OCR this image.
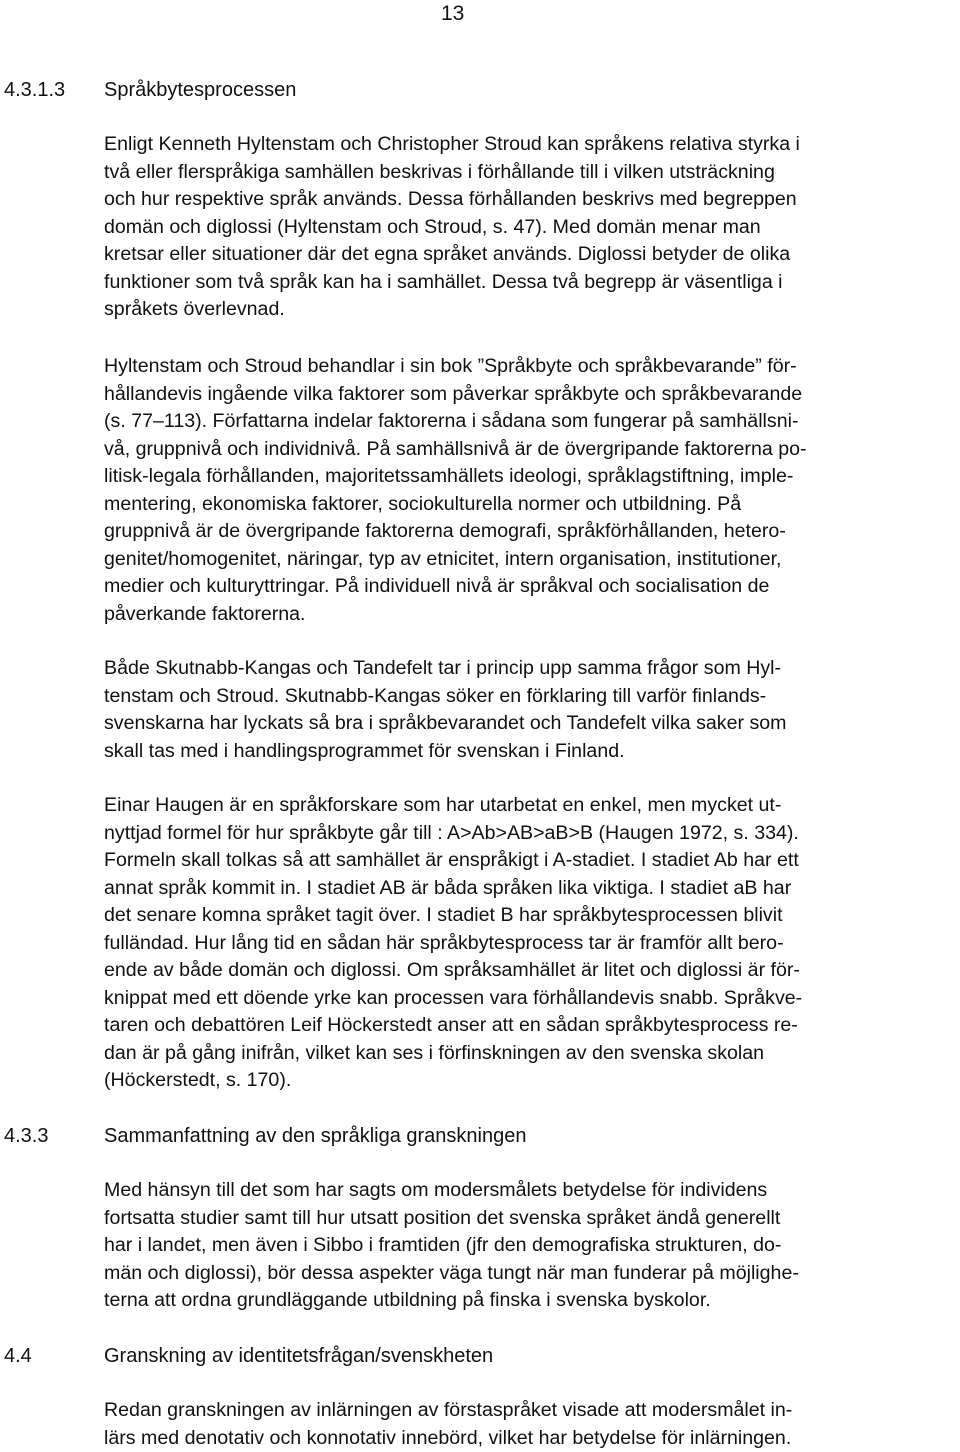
13
4.3.1.3 Språkbytesprocessen
Enligt Kenneth Hyltenstam och Christopher Stroud kan språkens relativa styrka i
två eller flerspråkiga samhällen beskrivas i förhållande till i vilken utsträckning
och hur respektive språk används. Dessa förhållanden beskrivs med begreppen
domän och diglossi (Hyltenstam och Stroud, s. 47). Med domän menar man
kretsar eller situationer där det egna språket används. Diglossi betyder de olika
funktioner som två språk kan ha i samhället. Dessa två begrepp är väsentliga i
språkets överlevnad.
Hyltenstam och Stroud behandlar i sin bok ”Språkbyte och språkbevarande” för-
hållandevis ingående vilka faktorer som påverkar språkbyte och språkbevarande
(s. 77–113). Författarna indelar faktorerna i sådana som fungerar på samhällsni-
vå, gruppnivå och individnivå. På samhällsnivå är de övergripande faktorerna po-
litisk-legala förhållanden, majoritetssamhällets ideologi, språklagstiftning, imple-
mentering, ekonomiska faktorer, sociokulturella normer och utbildning. På
gruppnivå är de övergripande faktorerna demografi, språkförhållanden, hetero-
genitet/homogenitet, näringar, typ av etnicitet, intern organisation, institutioner,
medier och kulturyttringar. På individuell nivå är språkval och socialisation de
påverkande faktorerna.
Både Skutnabb-Kangas och Tandefelt tar i princip upp samma frågor som Hyl-
tenstam och Stroud. Skutnabb-Kangas söker en förklaring till varför finlands-
svenskarna har lyckats så bra i språkbevarandet och Tandefelt vilka saker som
skall tas med i handlingsprogrammet för svenskan i Finland.
Einar Haugen är en språkforskare som har utarbetat en enkel, men mycket ut-
nyttjad formel för hur språkbyte går till : A>Ab>AB>aB>B (Haugen 1972, s. 334).
Formeln skall tolkas så att samhället är enspråkigt i A-stadiet. I stadiet Ab har ett
annat språk kommit in. I stadiet AB är båda språken lika viktiga. I stadiet aB har
det senare komna språket tagit över. I stadiet B har språkbytesprocessen blivit
fulländad. Hur lång tid en sådan här språkbytesprocess tar är framför allt bero-
ende av både domän och diglossi. Om språksamhället är litet och diglossi är för-
knippat med ett döende yrke kan processen vara förhållandevis snabb. Språkve-
taren och debattören Leif Höckerstedt anser att en sådan språkbytesprocess re-
dan är på gång inifrån, vilket kan ses i förfinskningen av den svenska skolan
(Höckerstedt, s. 170).
4.3.3	Sammanfattning av den språkliga granskningen
Med hänsyn till det som har sagts om modersmålets betydelse för individens
fortsatta studier samt till hur utsatt position det svenska språket ändå generellt
har i landet, men även i Sibbo i framtiden (jfr den demografiska strukturen, do-
män och diglossi), bör dessa aspekter väga tungt när man funderar på möjlighe-
terna att ordna grundläggande utbildning på finska i svenska byskolor.
4.4	Granskning av identitetsfrågan/svenskheten
Redan granskningen av inlärningen av förstaspråket visade att modersmålet in-
lärs med denotativ och konnotativ innebörd, vilket har betydelse för inlärningen.
